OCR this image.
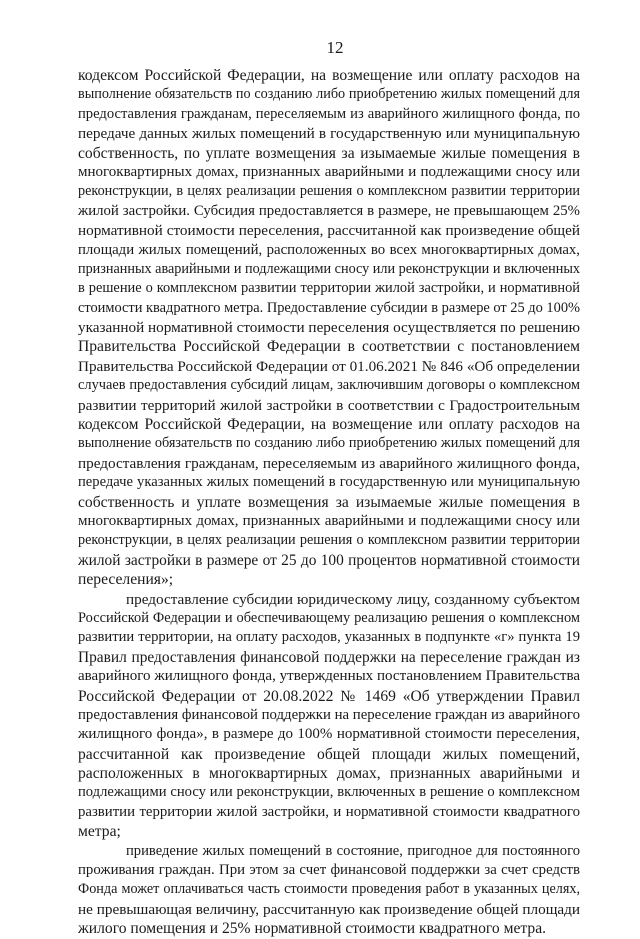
12
кодексом Российской Федерации, на возмещение или оплату расходов на
выполнение обязательств по созданию либо приобретению жилых помещений для
предоставления гражданам, переселяемым из аварийного жилищного фонда, по
передаче данных жилых помещений в государственную или муниципальную
собственность, по уплате возмещения за изымаемые жилые помещения в
многоквартирных домах, признанных аварийными и подлежащими сносу или
реконструкции, в целях реализации решения о комплексном развитии территории
жилой застройки. Субсидия предоставляется в размере, не превышающем 25%
нормативной стоимости переселения, рассчитанной как произведение общей
площади жилых помещений, расположенных во всех многоквартирных домах,
признанных аварийными и подлежащими сносу или реконструкции и включенных
в решение о комплексном развитии территории жилой застройки, и нормативной
стоимости квадратного метра. Предоставление субсидии в размере от 25 до 100%
указанной нормативной стоимости переселения осуществляется по решению
Правительства Российской Федерации в соответствии с постановлением
Правительства Российской Федерации от 01.06.2021 № 846 «Об определении
случаев предоставления субсидий лицам, заключившим договоры о комплексном
развитии территорий жилой застройки в соответствии с Градостроительным
кодексом Российской Федерации, на возмещение или оплату расходов на
выполнение обязательств по созданию либо приобретению жилых помещений для
предоставления гражданам, переселяемым из аварийного жилищного фонда,
передаче указанных жилых помещений в государственную или муниципальную
собственность и уплате возмещения за изымаемые жилые помещения в
многоквартирных домах, признанных аварийными и подлежащими сносу или
реконструкции, в целях реализации решения о комплексном развитии территории
жилой застройки в размере от 25 до 100 процентов нормативной стоимости
переселения»;
предоставление субсидии юридическому лицу, созданному субъектом
Российской Федерации и обеспечивающему реализацию решения о комплексном
развитии территории, на оплату расходов, указанных в подпункте «г» пункта 19
Правил предоставления финансовой поддержки на переселение граждан из
аварийного жилищного фонда, утвержденных постановлением Правительства
Российской Федерации от 20.08.2022 № 1469 «Об утверждении Правил
предоставления финансовой поддержки на переселение граждан из аварийного
жилищного фонда», в размере до 100% нормативной стоимости переселения,
рассчитанной как произведение общей площади жилых помещений,
расположенных в многоквартирных домах, признанных аварийными и
подлежащими сносу или реконструкции, включенных в решение о комплексном
развитии территории жилой застройки, и нормативной стоимости квадратного
метра;
приведение жилых помещений в состояние, пригодное для постоянного
проживания граждан. При этом за счет финансовой поддержки за счет средств
Фонда может оплачиваться часть стоимости проведения работ в указанных целях,
не превышающая величину, рассчитанную как произведение общей площади
жилого помещения и 25% нормативной стоимости квадратного метра.
